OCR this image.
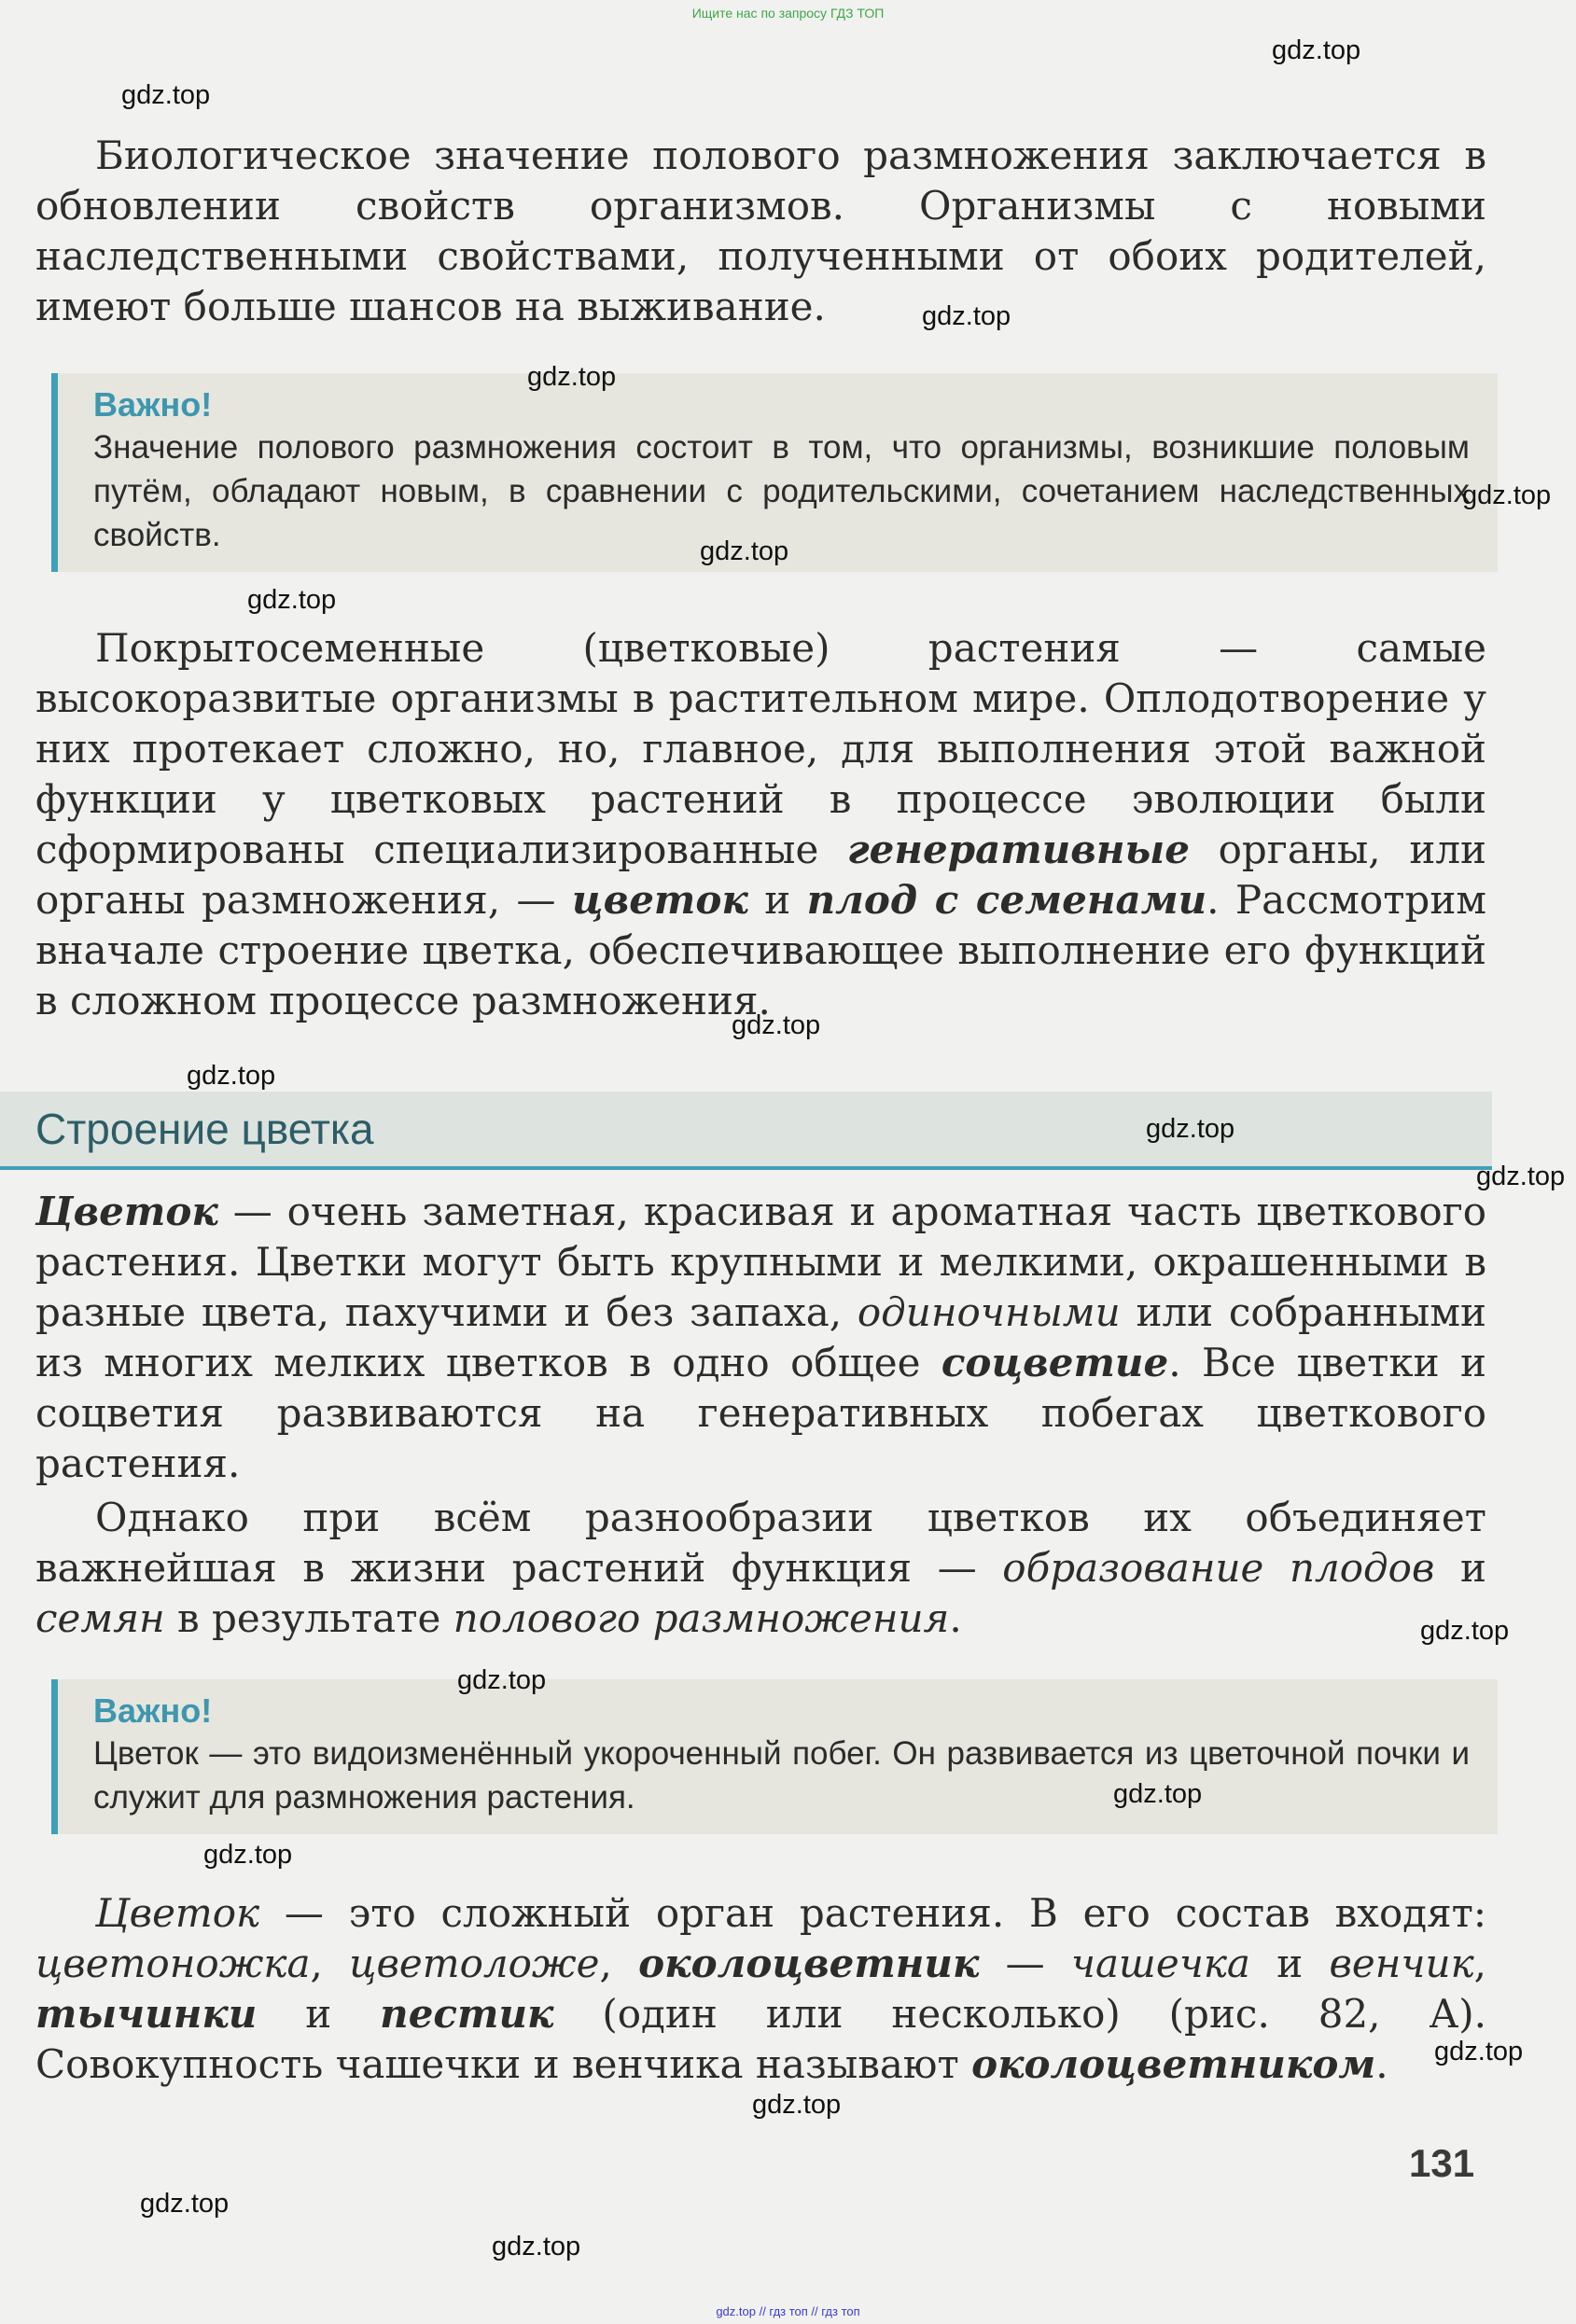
Ищите нас по запросу ГДЗ ТОП

Биологическое значение полового размножения заключается в обновлении свойств организмов. Организмы с новыми наследственными свойствами, полученными от обоих родителей, имеют больше шансов на выживание.

Важно!
Значение полового размножения состоит в том, что организмы, возникшие половым путём, обладают новым, в сравнении с родительскими, сочетанием наследственных свойств.

Покрытосеменные (цветковые) растения — самые высокоразвитые организмы в растительном мире. Оплодотворение у них протекает сложно, но, главное, для выполнения этой важной функции у цветковых растений в процессе эволюции были сформированы специализированные генеративные органы, или органы размножения, — цветок и плод с семенами. Рассмотрим вначале строение цветка, обеспечивающее выполнение его функций в сложном процессе размножения.

Строение цветка

Цветок — очень заметная, красивая и ароматная часть цветкового растения. Цветки могут быть крупными и мелкими, окрашенными в разные цвета, пахучими и без запаха, одиночными или собранными из многих мелких цветков в одно общее соцветие. Все цветки и соцветия развиваются на генеративных побегах цветкового растения.

Однако при всём разнообразии цветков их объединяет важнейшая в жизни растений функция — образование плодов и семян в результате полового размножения.

Важно!
Цветок — это видоизменённый укороченный побег. Он развивается из цветочной почки и служит для размножения растения.

Цветок — это сложный орган растения. В его состав входят: цветоножка, цветоложе, околоцветник — чашечка и венчик, тычинки и пестик (один или несколько) (рис. 82, А). Совокупность чашечки и венчика называют околоцветником.

131
gdz.top
gdz.top
gdz.top
gdz.top
gdz.top
gdz.top
gdz.top
gdz.top
gdz.top
gdz.top
gdz.top
gdz.top
gdz.top
gdz.top
gdz.top
gdz.top
gdz.top
gdz.top
gdz.top
gdz.top // гдз топ // гдз топ
